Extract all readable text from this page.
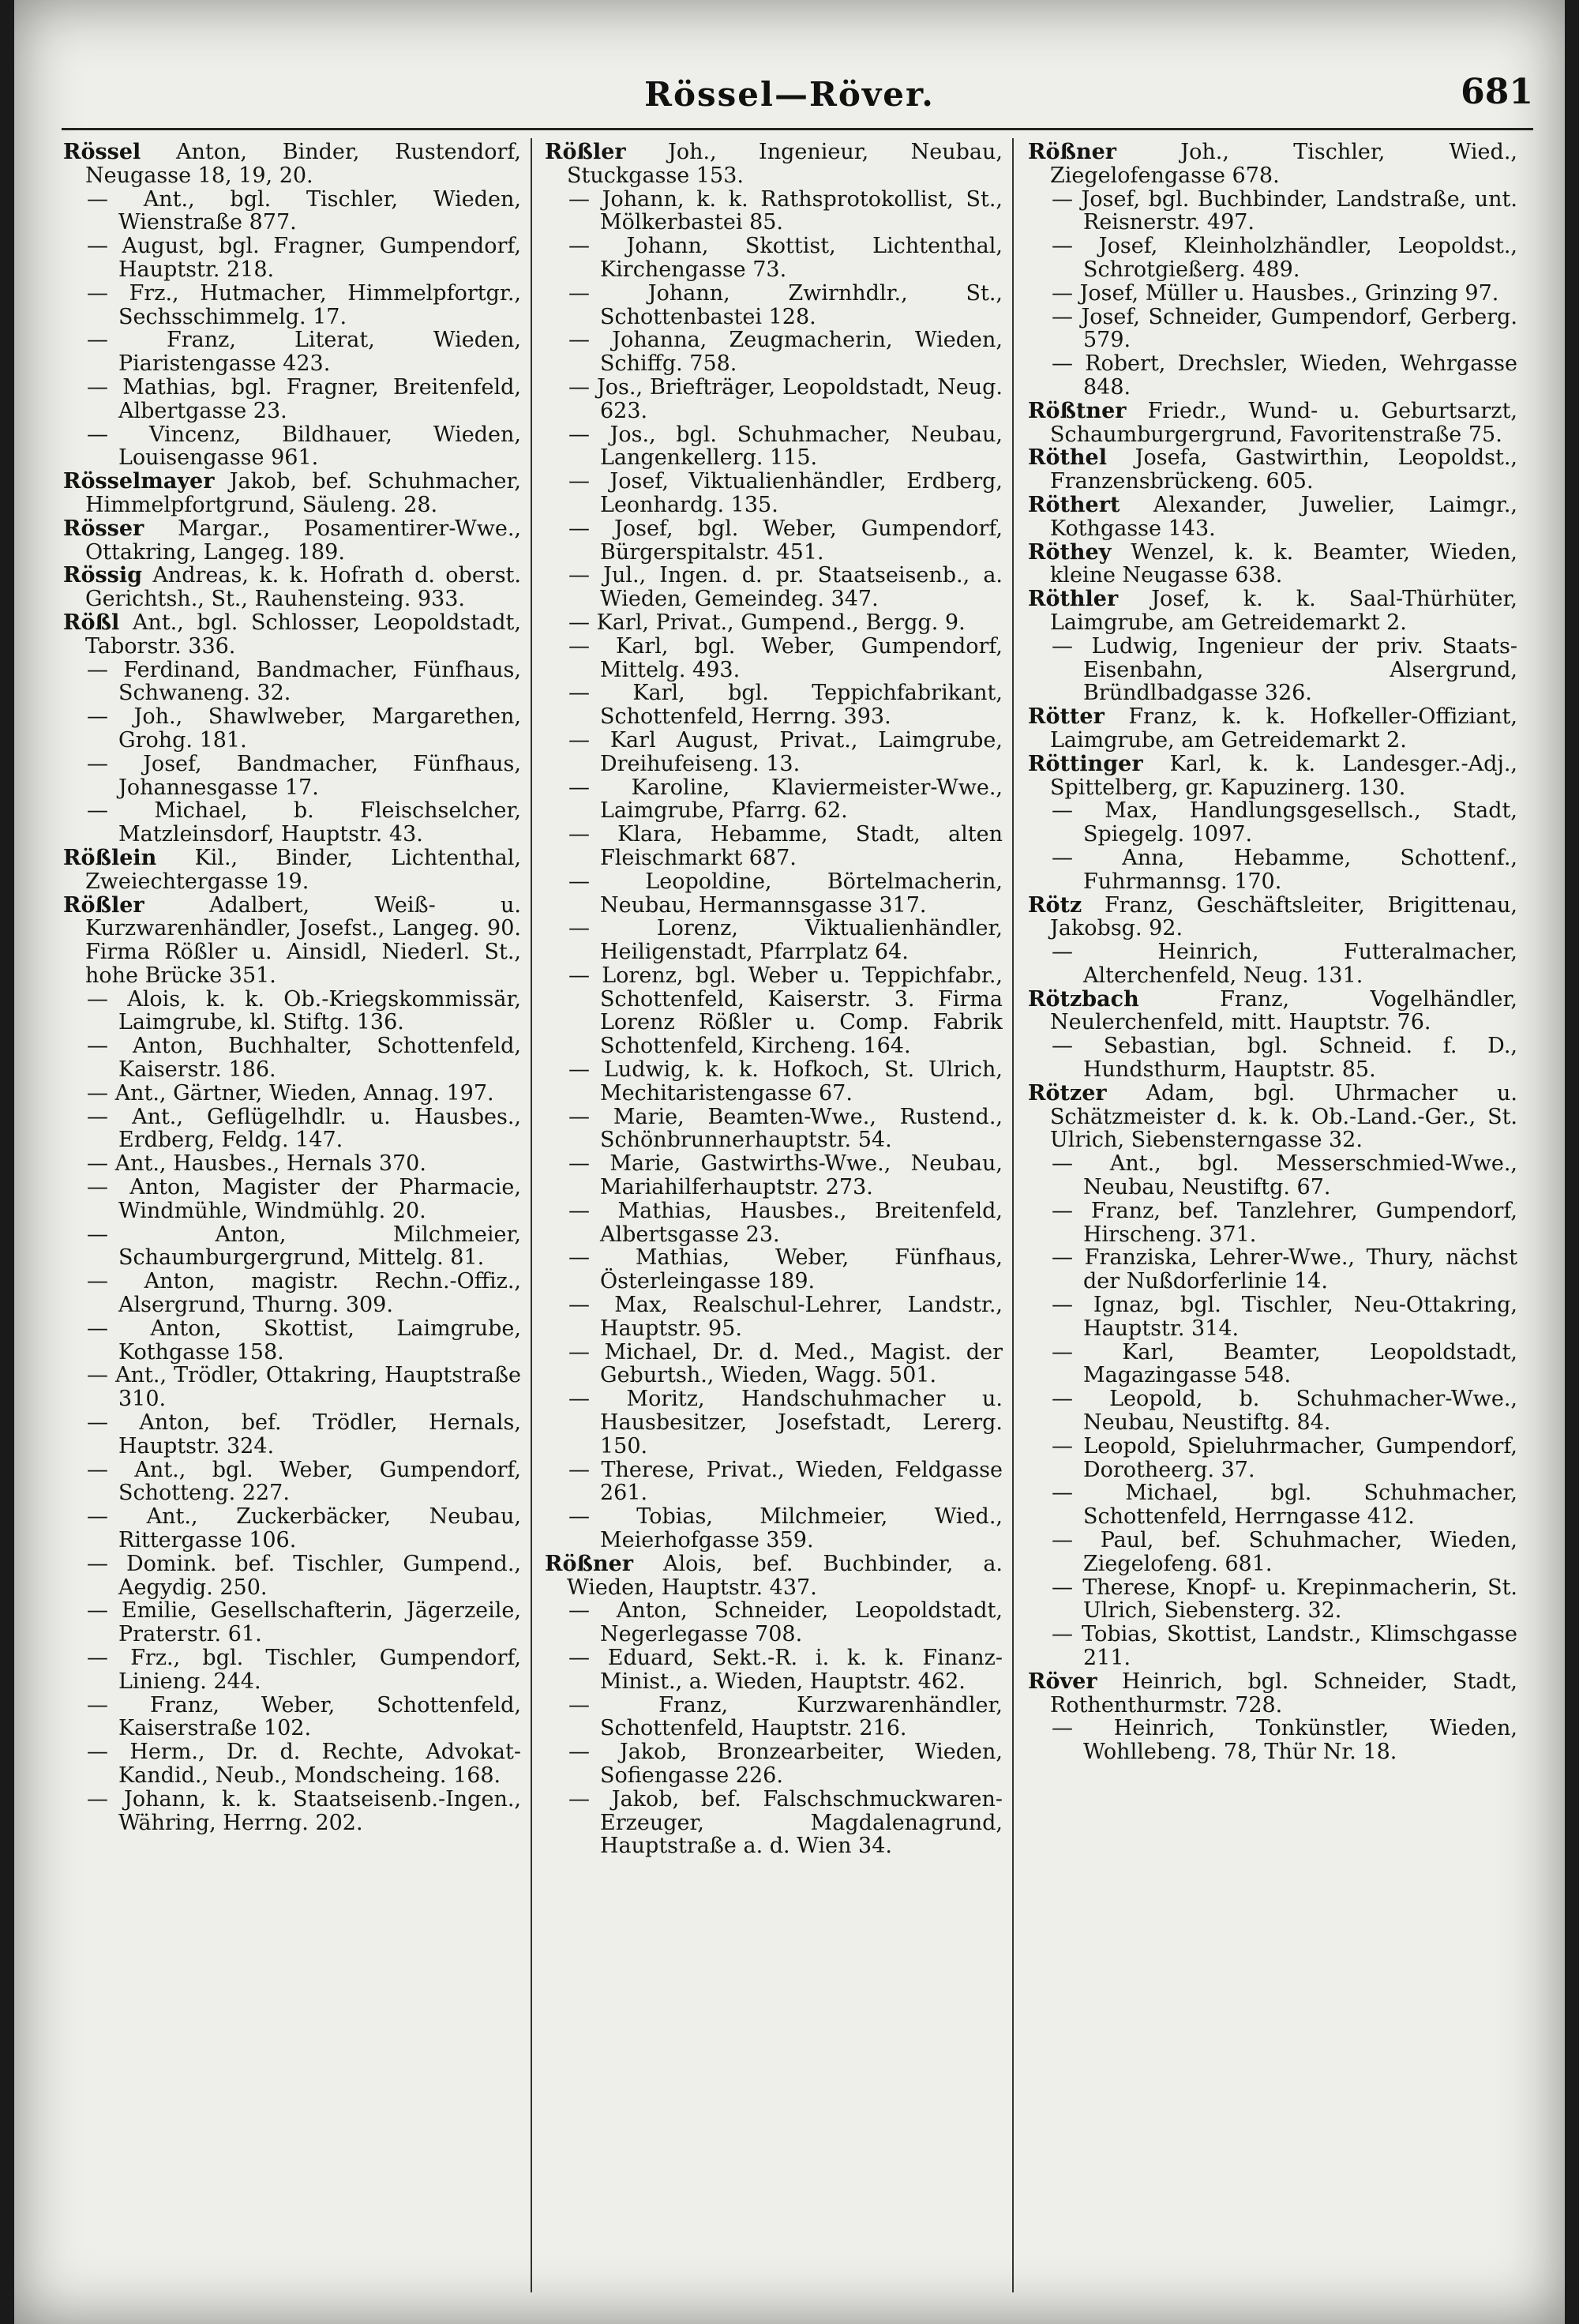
Rössel—Röver.	681

Rössel Anton, Binder, Rustendorf, Neugasse 18, 19, 20.

— Ant., bgl. Tischler, Wieden, Wienstraße 877.

— August, bgl. Fragner, Gumpendorf, Hauptstr. 218.

— Frz., Hutmacher, Himmelpfortgr., Sechsschimmelg. 17.

— Franz, Literat, Wieden, Piaristengasse 423.

— Mathias, bgl. Fragner, Breitenfeld, Albertgasse 23.

— Vincenz, Bildhauer, Wieden, Louisengasse 961.

Rösselmayer Jakob, bef. Schuhmacher, Himmelpfortgrund, Säuleng. 28.

Rösser Margar., Posamentirer-Wwe., Ottakring, Langeg. 189.

Rössig Andreas, k. k. Hofrath d. oberst. Gerichtsh., St., Rauhensteing. 933.

Rößl Ant., bgl. Schlosser, Leopoldstadt, Taborstr. 336.

— Ferdinand, Bandmacher, Fünfhaus, Schwaneng. 32.

— Joh., Shawlweber, Margarethen, Grohg. 181.

— Josef, Bandmacher, Fünfhaus, Johannesgasse 17.

— Michael, b. Fleischselcher, Matzleinsdorf, Hauptstr. 43.

Rößlein Kil., Binder, Lichtenthal, Zweiechtergasse 19.

Rößler	Adalbert, Weiß- u. Kurzwarenhändler, Josefst., Langeg. 90. Firma Rößler u. Ainsidl, Niederl. St., hohe Brücke 351.

— Alois, k. k. Ob.-Kriegskommissär, Laimgrube, kl. Stiftg. 136.

— Anton, Buchhalter, Schottenfeld, Kaiserstr. 186.

— Ant., Gärtner, Wieden, Annag. 197.

— Ant., Geflügelhdlr. u. Hausbes., Erdberg, Feldg. 147.

— Ant., Hausbes., Hernals 370.

— Anton, Magister der Pharmacie, Windmühle, Windmühlg. 20.

— Anton, Milchmeier, Schaumburgergrund, Mittelg. 81.

— Anton, magistr. Rechn.-Offiz., Alsergrund, Thurng. 309.

— Anton, Skottist, Laimgrube, Kothgasse 158.

— Ant., Trödler, Ottakring, Hauptstraße 310.

— Anton, bef. Trödler, Hernals, Hauptstr. 324.

— Ant., bgl. Weber, Gumpendorf, Schotteng. 227.

— Ant., Zuckerbäcker, Neubau, Rittergasse 106.

— Domink. bef. Tischler, Gumpend., Aegydig. 250.

— Emilie, Gesellschafterin, Jägerzeile, Praterstr. 61.

— Frz., bgl. Tischler, Gumpendorf, Linieng. 244.

— Franz, Weber, Schottenfeld, Kaiserstraße 102.

— Herm., Dr. d. Rechte, Advokat-Kandid., Neub., Mondscheing. 168.

— Johann, k. k. Staatseisenb.-Ingen., Währing, Herrng. 202.

Rößler Joh., Ingenieur, Neubau, Stuckgasse 153.

— Johann, k. k. Rathsprotokollist, St., Mölkerbastei 85.

— Johann, Skottist, Lichtenthal, Kirchengasse 73.

— Johann, Zwirnhdlr., St., Schottenbastei 128.

— Johanna, Zeugmacherin, Wieden, Schiffg. 758.

— Jos., Briefträger, Leopoldstadt, Neug. 623.

— Jos., bgl. Schuhmacher, Neubau, Langenkellerg. 115.

— Josef, Viktualienhändler, Erdberg, Leonhardg. 135.

— Josef, bgl. Weber, Gumpendorf, Bürgerspitalstr. 451.

— Jul., Ingen. d. pr. Staatseisenb., a. Wieden, Gemeindeg. 347.

— Karl, Privat., Gumpend., Bergg. 9.

— Karl, bgl. Weber, Gumpendorf, Mittelg. 493.

— Karl, bgl. Teppichfabrikant, Schottenfeld, Herrng. 393.

— Karl August, Privat., Laimgrube, Dreihufeiseng. 13.

— Karoline, Klaviermeister-Wwe., Laimgrube, Pfarrg. 62.

— Klara, Hebamme, Stadt, alten Fleischmarkt 687.

— Leopoldine, Börtelmacherin, Neubau, Hermannsgasse 317.

— Lorenz, Viktualienhändler, Heiligenstadt, Pfarrplatz 64.

— Lorenz, bgl. Weber u. Teppichfabr., Schottenfeld, Kaiserstr. 3. Firma Lorenz Rößler u. Comp. Fabrik Schottenfeld, Kircheng. 164.

— Ludwig, k. k. Hofkoch, St. Ulrich, Mechitaristengasse 67.

— Marie, Beamten-Wwe., Rustend., Schönbrunnerhauptstr. 54.

— Marie, Gastwirths-Wwe., Neubau, Mariahilferhauptstr. 273.

— Mathias, Hausbes., Breitenfeld, Albertsgasse 23.

— Mathias, Weber, Fünfhaus, Österleingasse 189.

— Max, Realschul-Lehrer, Landstr., Hauptstr. 95.

— Michael, Dr. d. Med., Magist. der Geburtsh., Wieden, Wagg. 501.

— Moritz, Handschuhmacher u. Hausbesitzer, Josefstadt, Lererg. 150.

— Therese, Privat., Wieden, Feldgasse 261.

— Tobias, Milchmeier, Wied., Meierhofgasse 359.

Rößner Alois, bef. Buchbinder, a. Wieden, Hauptstr. 437.

— Anton, Schneider, Leopoldstadt, Negerlegasse 708.

— Eduard, Sekt.-R. i. k. k. Finanz-Minist., a. Wieden, Hauptstr. 462.

— Franz, Kurzwarenhändler, Schottenfeld, Hauptstr. 216.

— Jakob, Bronzearbeiter, Wieden, Sofiengasse 226.

— Jakob, bef. Falschschmuckwaren-Erzeuger, Magdalenagrund, Hauptstraße a. d. Wien 34.

Rößner	Joh., Tischler, Wied., Ziegelofengasse 678.

— Josef, bgl. Buchbinder, Landstraße, unt. Reisnerstr. 497.

— Josef, Kleinholzhändler, Leopoldst., Schrotgießerg. 489.

— Josef, Müller u. Hausbes., Grinzing 97.

— Josef, Schneider, Gumpendorf, Gerberg. 579.

— Robert, Drechsler, Wieden, Wehrgasse 848.

Rößtner Friedr., Wund- u. Geburtsarzt, Schaumburgergrund, Favoritenstraße 75.

Röthel Josefa, Gastwirthin, Leopoldst., Franzensbrückeng. 605.

Röthert Alexander, Juwelier, Laimgr., Kothgasse 143.

Röthey Wenzel, k. k. Beamter, Wieden, kleine Neugasse 638.

Röthler Josef, k. k. Saal-Thürhüter, Laimgrube, am Getreidemarkt 2.

— Ludwig, Ingenieur der priv. Staats-Eisenbahn, Alsergrund, Bründlbadgasse 326.

Rötter Franz, k. k. Hofkeller-Offiziant, Laimgrube, am Getreidemarkt 2.

Röttinger Karl, k. k. Landesger.-Adj., Spittelberg, gr. Kapuzinerg. 130.

— Max, Handlungsgesellsch., Stadt, Spiegelg. 1097.

— Anna, Hebamme, Schottenf., Fuhrmannsg. 170.

Rötz Franz, Geschäftsleiter, Brigittenau, Jakobsg. 92.

— Heinrich, Futteralmacher, Alterchenfeld, Neug. 131.

Rötzbach	Franz, Vogelhändler, Neulerchenfeld, mitt. Hauptstr. 76.

— Sebastian, bgl. Schneid. f. D., Hundsthurm, Hauptstr. 85.

Rötzer Adam, bgl. Uhrmacher u. Schätzmeister d. k. k. Ob.-Land.-Ger., St. Ulrich, Siebensterngasse 32.

— Ant., bgl. Messerschmied-Wwe., Neubau, Neustiftg. 67.

— Franz, bef. Tanzlehrer, Gumpendorf, Hirscheng. 371.

— Franziska, Lehrer-Wwe., Thury, nächst der Nußdorferlinie 14.

— Ignaz, bgl. Tischler, Neu-Ottakring, Hauptstr. 314.

— Karl, Beamter, Leopoldstadt, Magazingasse 548.

— Leopold, b. Schuhmacher-Wwe., Neubau, Neustiftg. 84.

— Leopold, Spieluhrmacher, Gumpendorf, Dorotheerg. 37.

— Michael, bgl. Schuhmacher, Schottenfeld, Herrngasse 412.

— Paul, bef. Schuhmacher, Wieden, Ziegelofeng. 681.

— Therese, Knopf- u. Krepinmacherin, St. Ulrich, Siebensterg. 32.

— Tobias, Skottist, Landstr., Klimschgasse 211.

Röver Heinrich, bgl. Schneider, Stadt, Rothenthurmstr. 728.

— Heinrich, Tonkünstler, Wieden, Wohllebeng. 78, Thür Nr. 18.
